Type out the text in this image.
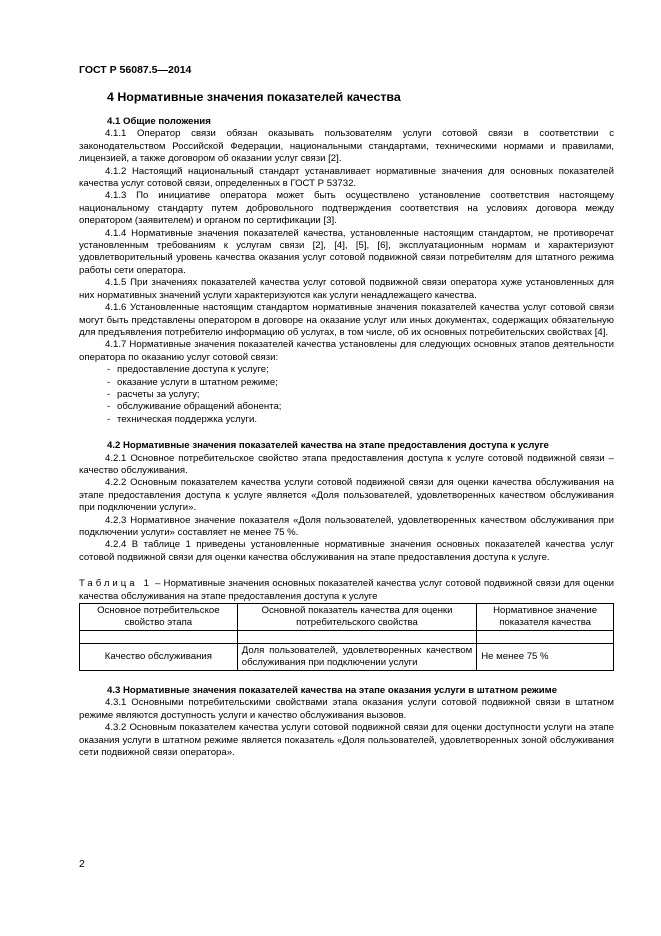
ГОСТ Р 56087.5—2014
4 Нормативные значения показателей качества

4.1 Общие положения

4.1.1 Оператор связи обязан оказывать пользователям услуги сотовой связи в соответствии с законодательством Российской Федерации, национальными стандартами, техническими нормами и правилами, лицензией, а также договором об оказании услуг связи [2].

4.1.2 Настоящий национальный стандарт устанавливает нормативные значения для основных показателей качества услуг сотовой связи, определенных в ГОСТ Р 53732.

4.1.3 По инициативе оператора может быть осуществлено установление соответствия настоящему национальному стандарту путем добровольного подтверждения соответствия на условиях договора между оператором (заявителем) и органом по сертификации [3].

4.1.4 Нормативные значения показателей качества, установленные настоящим стандартом, не противоречат установленным требованиям к услугам связи [2], [4], [5], [6], эксплуатационным нормам и характеризуют удовлетворительный уровень качества оказания услуг сотовой подвижной связи потребителям для штатного режима работы сети оператора.

4.1.5 При значениях показателей качества услуг сотовой подвижной связи оператора хуже установленных для них нормативных значений услуги характеризуются как услуги ненадлежащего качества.

4.1.6 Установленные настоящим стандартом нормативные значения показателей качества услуг сотовой связи могут быть представлены оператором в договоре на оказание услуг или иных документах, содержащих обязательную для предъявления потребителю информацию об услугах, в том числе, об их основных потребительских свойствах [4].

4.1.7 Нормативные значения показателей качества установлены для следующих основных этапов деятельности оператора по оказанию услуг сотовой связи:

- предоставление доступа к услуге;
- оказание услуги в штатном режиме;
- расчеты за услугу;
- обслуживание обращений абонента;
- техническая поддержка услуги.

4.2 Нормативные значения показателей качества на этапе предоставления доступа к услуге

4.2.1 Основное потребительское свойство этапа предоставления доступа к услуге сотовой подвижной связи – качество обслуживания.

4.2.2 Основным показателем качества услуги сотовой подвижной связи для оценки качества обслуживания на этапе предоставления доступа к услуге является «Доля пользователей, удовлетворенных качеством обслуживания при подключении услуги».

4.2.3 Нормативное значение показателя «Доля пользователей, удовлетворенных качеством обслуживания при подключении услуги» составляет не менее 75 %.

4.2.4 В таблице 1 приведены установленные нормативные значения основных показателей качества услуг сотовой подвижной связи для оценки качества обслуживания на этапе предоставления доступа к услуге.

Таблица 1 – Нормативные значения основных показателей качества услуг сотовой подвижной связи для оценки качества обслуживания на этапе предоставления доступа к услуге

Основное потребительское свойство этапа	Основной показатель качества для оценки потребительского свойства	Нормативное значение показателя качества

Качество обслуживания	Доля пользователей, удовлетворенных качеством обслуживания при подключении услуги	Не менее 75 %

4.3 Нормативные значения показателей качества на этапе оказания услуги в штатном режиме

4.3.1 Основными потребительскими свойствами этапа оказания услуги сотовой подвижной связи в штатном режиме являются доступность услуги и качество обслуживания вызовов.

4.3.2 Основным показателем качества услуги сотовой подвижной связи для оценки доступности услуги на этапе оказания услуги в штатном режиме является показатель «Доля пользователей, удовлетворенных зоной обслуживания сети подвижной связи оператора».

2
